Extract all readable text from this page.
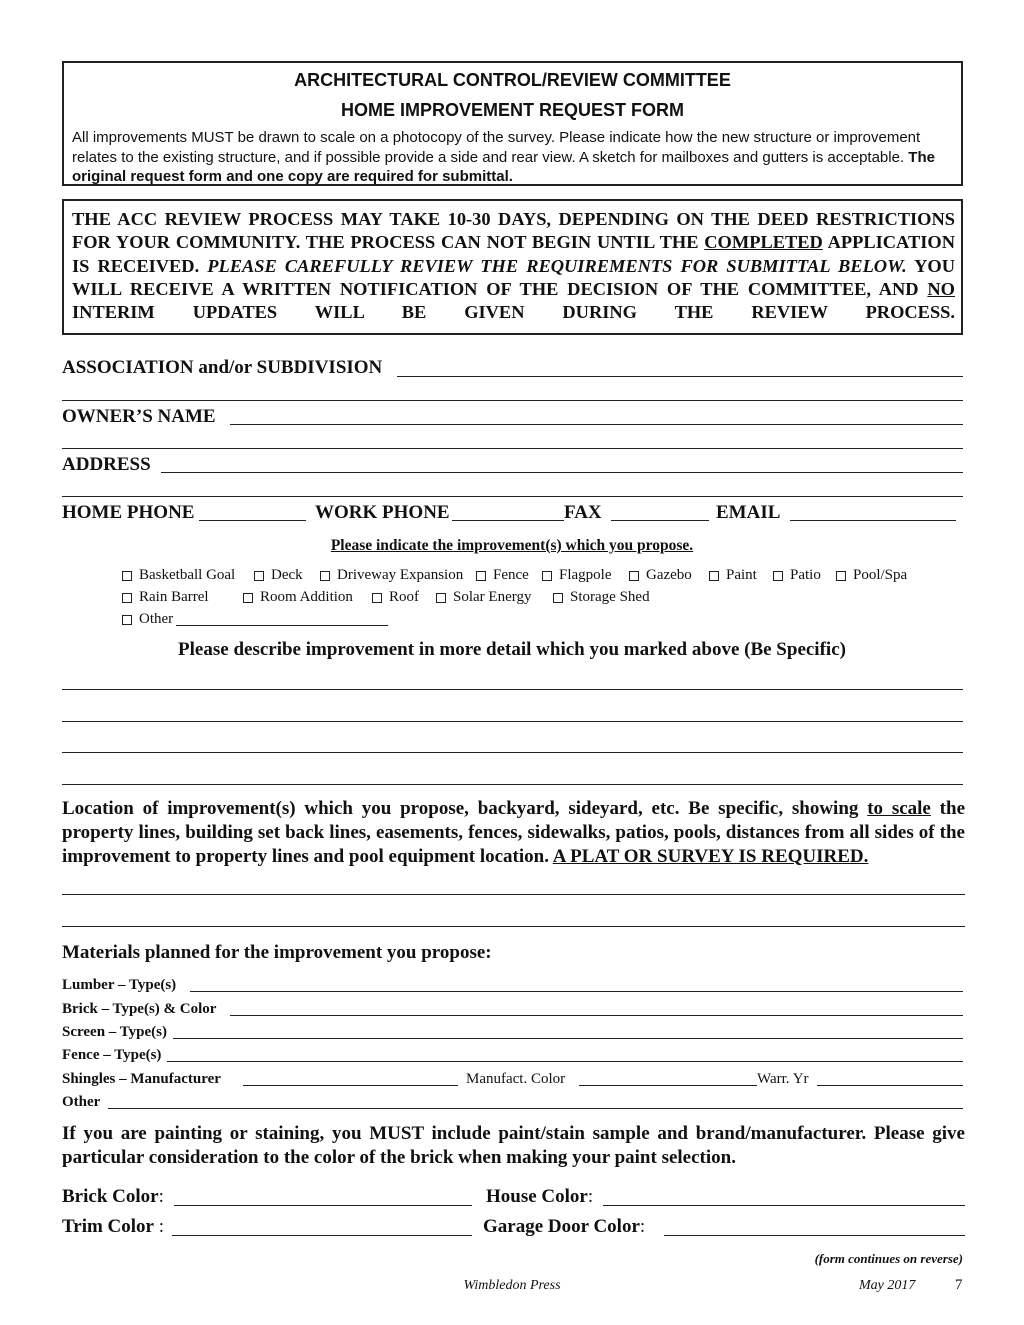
ARCHITECTURAL CONTROL/REVIEW COMMITTEE
HOME IMPROVEMENT REQUEST FORM
All improvements MUST be drawn to scale on a photocopy of the survey. Please indicate how the new structure or improvement relates to the existing structure, and if possible provide a side and rear view. A sketch for mailboxes and gutters is acceptable. The original request form and one copy are required for submittal.
THE ACC REVIEW PROCESS MAY TAKE 10-30 DAYS, DEPENDING ON THE DEED RESTRICTIONS FOR YOUR COMMUNITY. THE PROCESS CAN NOT BEGIN UNTIL THE COMPLETED APPLICATION IS RECEIVED. PLEASE CAREFULLY REVIEW THE REQUIREMENTS FOR SUBMITTAL BELOW. YOU WILL RECEIVE A WRITTEN NOTIFICATION OF THE DECISION OF THE COMMITTEE, AND NO INTERIM UPDATES WILL BE GIVEN DURING THE REVIEW PROCESS.
ASSOCIATION and/or SUBDIVISION
OWNER’S NAME
ADDRESS
HOME PHONE	WORK PHONE	FAX	EMAIL
Please indicate the improvement(s) which you propose.
Basketball Goal Deck Driveway Expansion Fence Flagpole Gazebo Paint Patio Pool/Spa
Rain Barrel	Room Addition Roof Solar Energy	Storage Shed
Other
Please describe improvement in more detail which you marked above (Be Specific)
Location of improvement(s) which you propose, backyard, sideyard, etc. Be specific, showing to scale the property lines, building set back lines, easements, fences, sidewalks, patios, pools, distances from all sides of the improvement to property lines and pool equipment location. A PLAT OR SURVEY IS REQUIRED.
Materials planned for the improvement you propose:
Lumber – Type(s)
Brick – Type(s) & Color
Screen – Type(s)
Fence – Type(s)
Shingles – Manufacturer	Manufact. Color	Warr. Yr
Other
If you are painting or staining, you MUST include paint/stain sample and brand/manufacturer. Please give particular consideration to the color of the brick when making your paint selection.
Brick Color:	House Color:
Trim Color :	Garage Door Color:
(form continues on reverse)
Wimbledon Press	May 2017	7
